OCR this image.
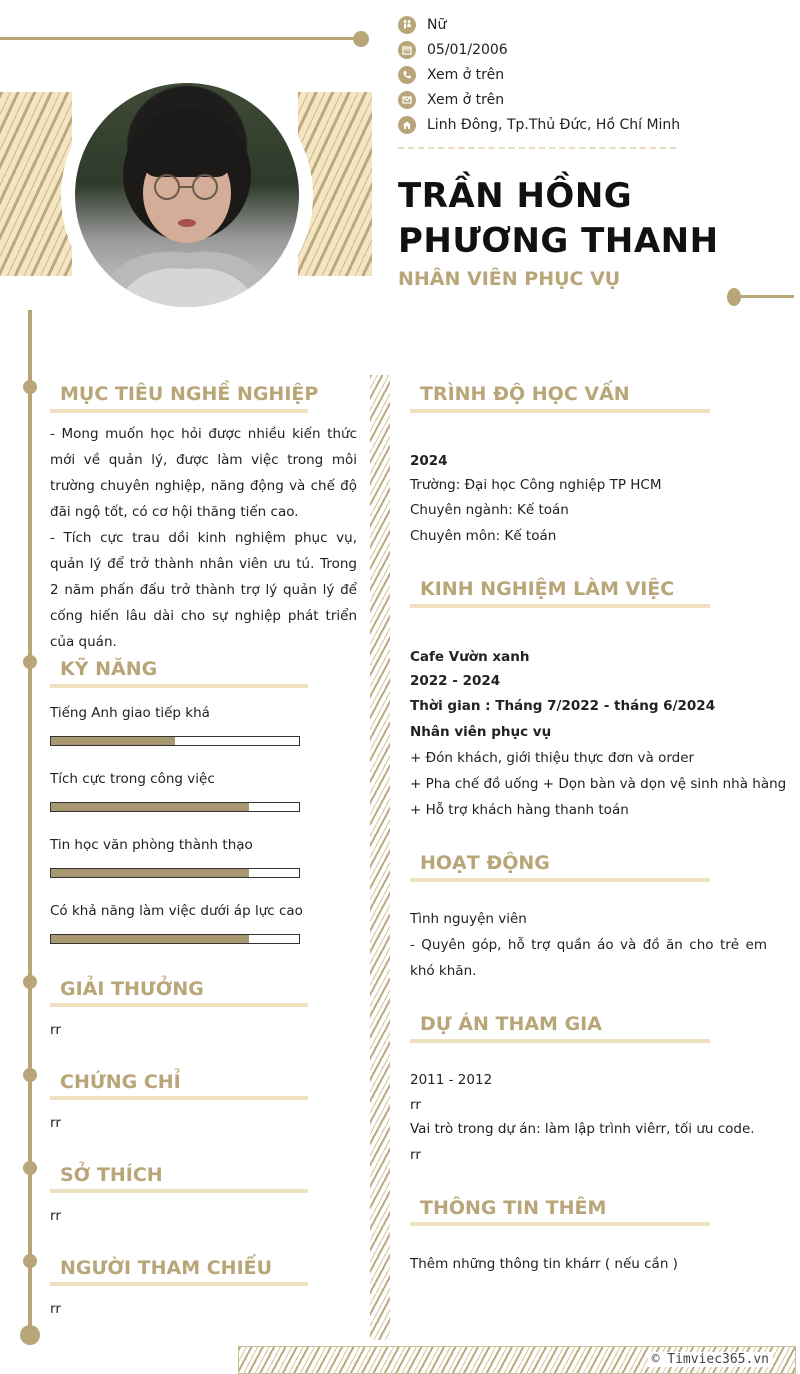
Nữ
05/01/2006
Xem ở trên
Xem ở trên
Linh Đông, Tp.Thủ Đức, Hồ Chí Minh
TRẦN HỒNG
PHƯƠNG THANH
NHÂN VIÊN PHỤC VỤ
MỤC TIÊU NGHỀ NGHIỆP
- Mong muốn học hỏi được nhiều kiến thức mới về quản lý, được làm việc trong môi trường chuyên nghiệp, năng động và chế độ đãi ngộ tốt, có cơ hội thăng tiến cao.
- Tích cực trau dồi kinh nghiệm phục vụ, quản lý để trở thành nhân viên ưu tú. Trong 2 năm phấn đấu trở thành trợ lý quản lý để cống hiến lâu dài cho sự nghiệp phát triển của quán.
KỸ NĂNG
Tiếng Anh giao tiếp khá
Tích cực trong công việc
Tin học văn phòng thành thạo
Có khả năng làm việc dưới áp lực cao
GIẢI THƯỞNG
rr
CHỨNG CHỈ
rr
SỞ THÍCH
rr
NGƯỜI THAM CHIẾU
rr
TRÌNH ĐỘ HỌC VẤN
2024
Trường: Đại học Công nghiệp TP HCM
Chuyên ngành: Kế toán
Chuyên môn: Kế toán
KINH NGHIỆM LÀM VIỆC
Cafe Vườn xanh
2022 - 2024
Thời gian : Tháng 7/2022 - tháng 6/2024
Nhân viên phục vụ
+ Đón khách, giới thiệu thực đơn và order
+ Pha chế đồ uống + Dọn bàn và dọn vệ sinh nhà hàng
+ Hỗ trợ khách hàng thanh toán
HOẠT ĐỘNG
Tình nguyện viên
- Quyên góp, hỗ trợ quần áo và đồ ăn cho trẻ em khó khăn.
DỰ ÁN THAM GIA
2011 - 2012
rr
Vai trò trong dự án: làm lập trình viêrr, tối ưu code.
rr
THÔNG TIN THÊM
Thêm những thông tin khárr ( nếu cần )
© Timviec365.vn
